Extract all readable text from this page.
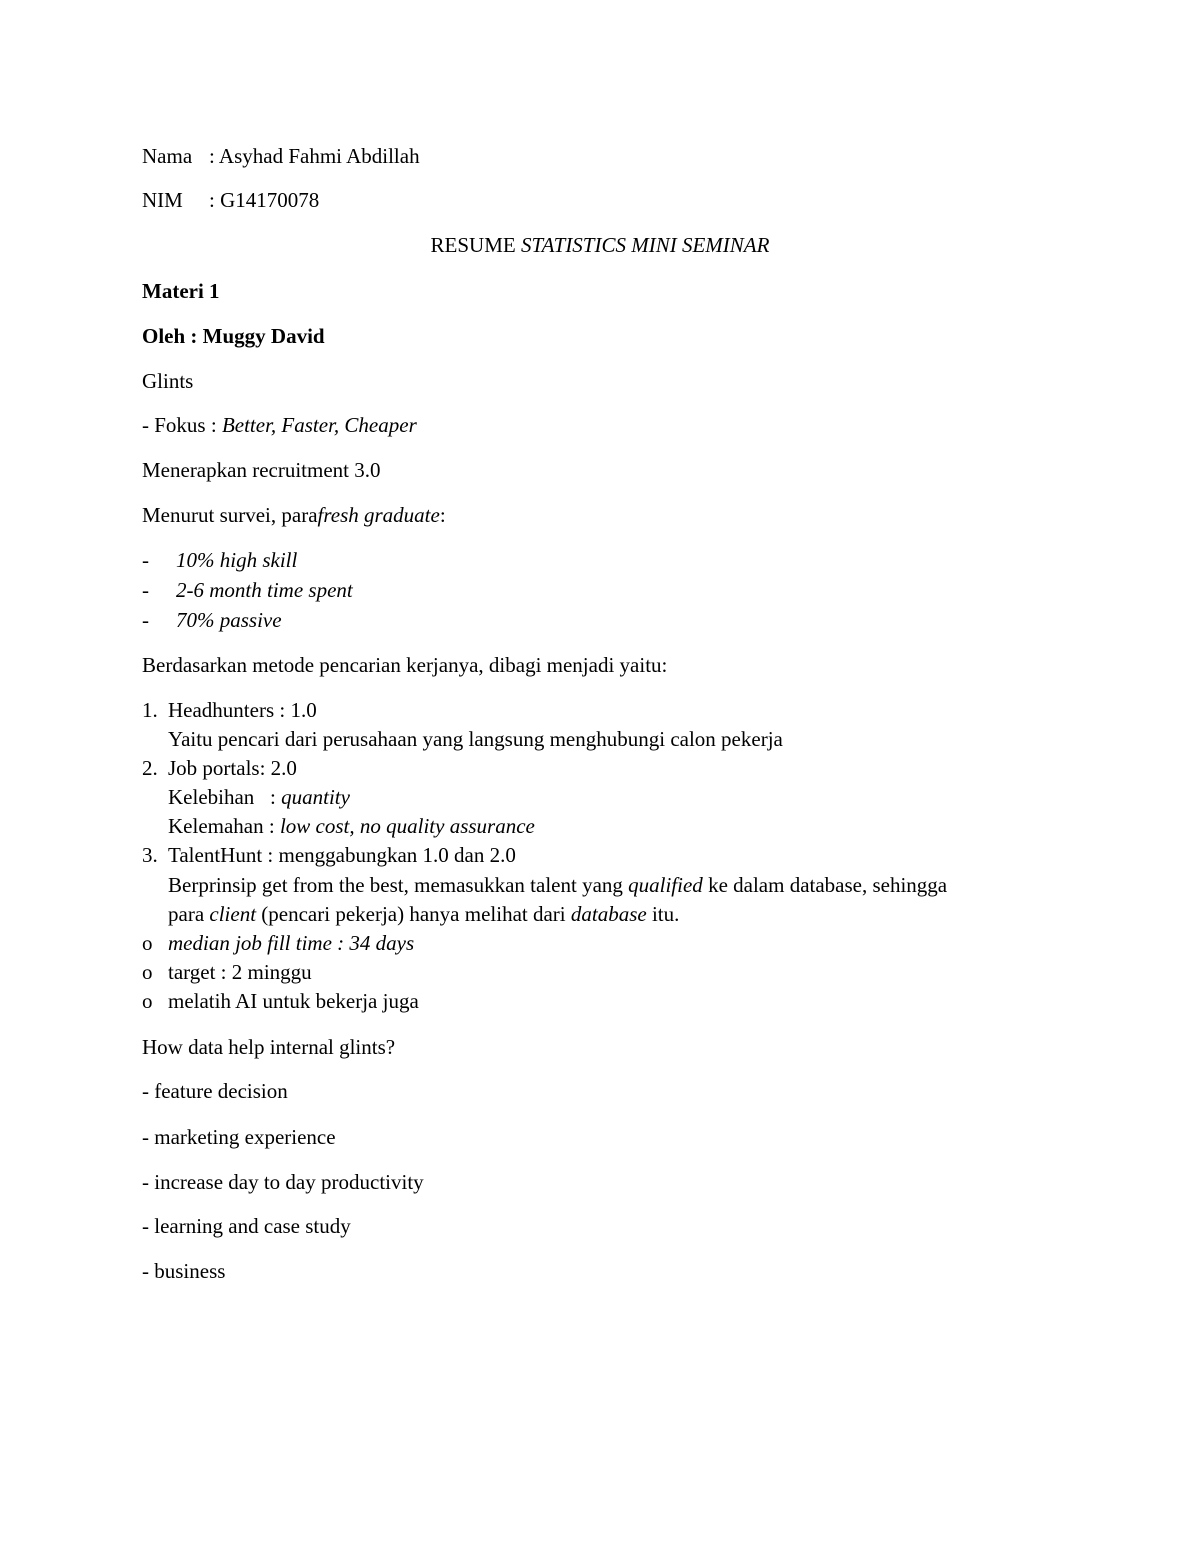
Nama : Asyhad Fahmi Abdillah
NIM : G14170078
RESUME STATISTICS MINI SEMINAR
Materi 1
Oleh : Muggy David
Glints
- Fokus : Better, Faster, Cheaper
Menerapkan recruitment 3.0
Menurut survei, parafresh graduate:
- 10% high skill
- 2-6 month time spent
- 70% passive
Berdasarkan metode pencarian kerjanya, dibagi menjadi yaitu:
1. Headhunters : 1.0
Yaitu pencari dari perusahaan yang langsung menghubungi calon pekerja
2. Job portals: 2.0
Kelebihan   : quantity
Kelemahan : low cost, no quality assurance
3. TalentHunt : menggabungkan 1.0 dan 2.0
Berprinsip get from the best, memasukkan talent yang qualified ke dalam database, sehingga
para client (pencari pekerja) hanya melihat dari database itu.
o median job fill time : 34 days
o target : 2 minggu
o melatih AI untuk bekerja juga
How data help internal glints?
- feature decision
- marketing experience
- increase day to day productivity
- learning and case study
- business
